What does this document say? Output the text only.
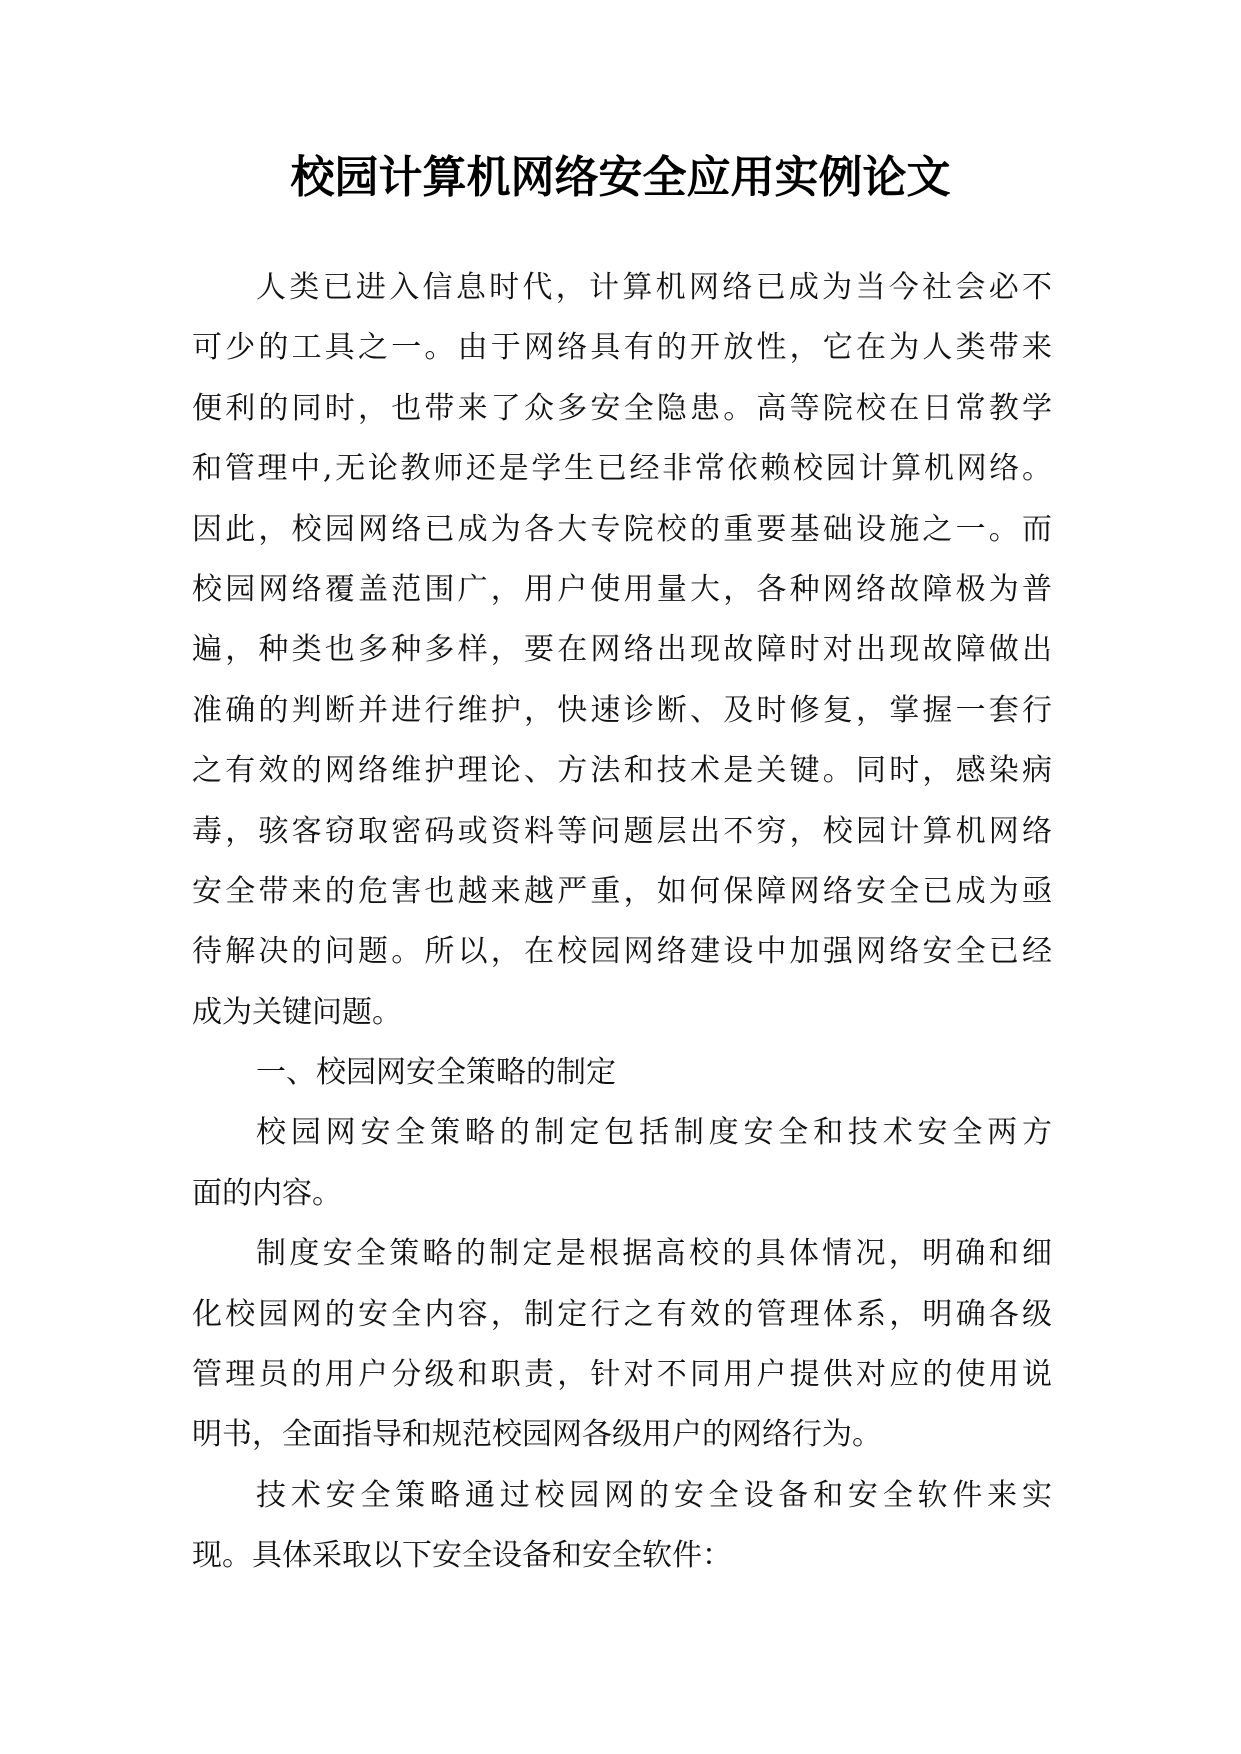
校园计算机网络安全应用实例论文
人类已进入信息时代，计算机网络已成为当今社会必不
可少的工具之一。由于网络具有的开放性，它在为人类带来
便利的同时，也带来了众多安全隐患。高等院校在日常教学
和管理中,无论教师还是学生已经非常依赖校园计算机网络。
因此，校园网络已成为各大专院校的重要基础设施之一。而
校园网络覆盖范围广，用户使用量大，各种网络故障极为普
遍，种类也多种多样，要在网络出现故障时对出现故障做出
准确的判断并进行维护，快速诊断、及时修复，掌握一套行
之有效的网络维护理论、方法和技术是关键。同时，感染病
毒，骇客窃取密码或资料等问题层出不穷，校园计算机网络
安全带来的危害也越来越严重，如何保障网络安全已成为亟
待解决的问题。所以，在校园网络建设中加强网络安全已经
成为关键问题。
一、校园网安全策略的制定
校园网安全策略的制定包括制度安全和技术安全两方
面的内容。
制度安全策略的制定是根据高校的具体情况，明确和细
化校园网的安全内容，制定行之有效的管理体系，明确各级
管理员的用户分级和职责，针对不同用户提供对应的使用说
明书，全面指导和规范校园网各级用户的网络行为。
技术安全策略通过校园网的安全设备和安全软件来实
现。具体采取以下安全设备和安全软件：
